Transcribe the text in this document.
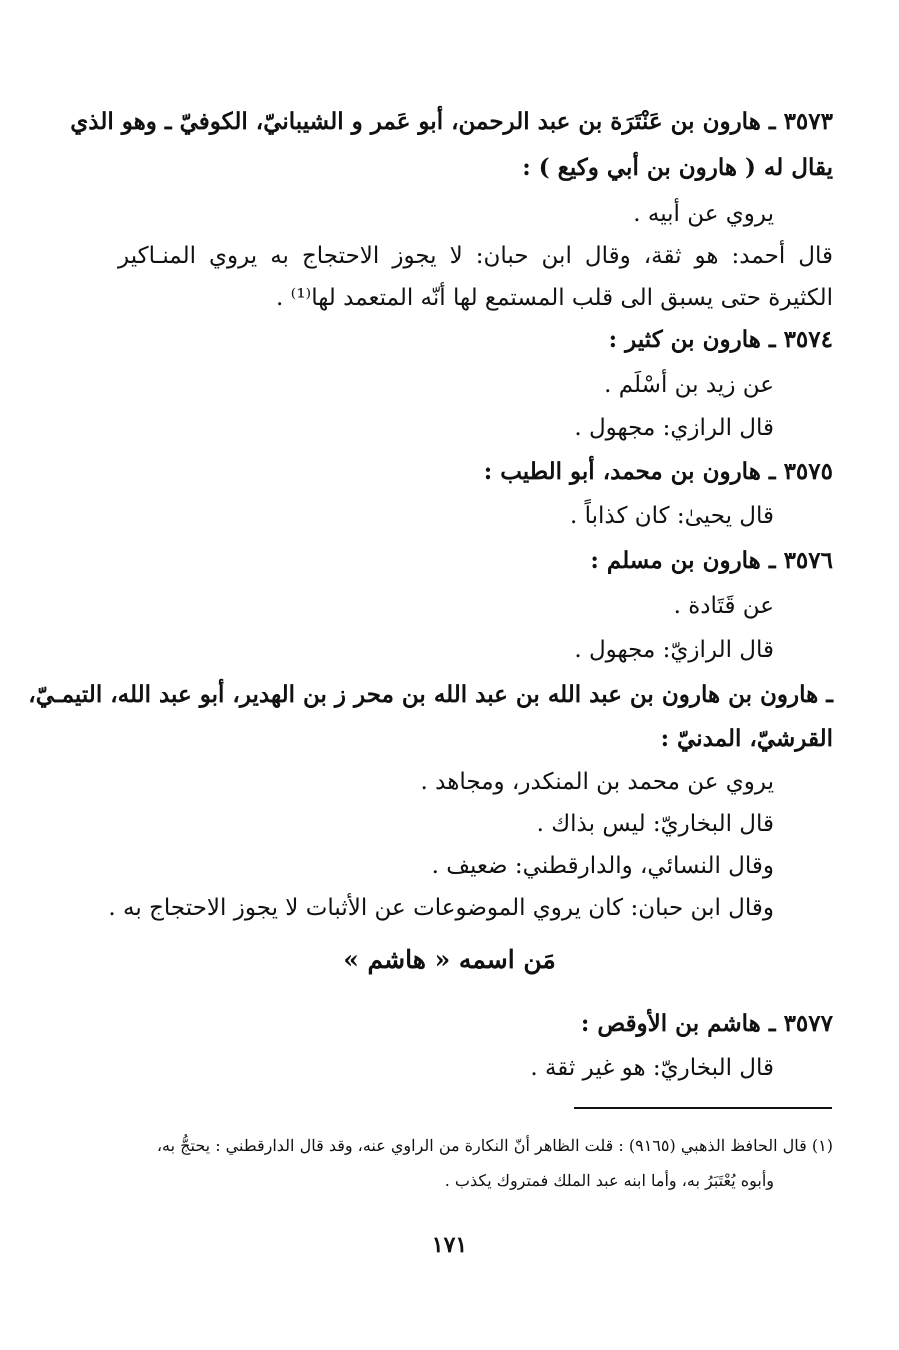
٣٥٧٣ ـ هارون بن عَنْتَرَة بن عبد الرحمن، أبو عَمر و الشيبانيّ، الكوفيّ ـ وهو الذي
يقال له ( هارون بن أبي وكيع ) :
يروي عن أبيه .
قال أحمد: هو ثقة، وقال ابن حبان: لا يجوز الاحتجاج به يروي المنـاكير
الكثيرة حتى يسبق الى قلب المستمع لها أنّه المتعمد لها⁽¹⁾ .
٣٥٧٤ ـ هارون بن كثير :
عن زيد بن أسْلَم .
قال الرازي: مجهول .
٣٥٧٥ ـ هارون بن محمد، أبو الطيب :
قال يحيىٰ: كان كذاباً .
٣٥٧٦ ـ هارون بن مسلم :
عن قَتَادة .
قال الرازيّ: مجهول .
ـ هارون بن هارون بن عبد الله بن عبد الله بن محر ز بن الهدير، أبو عبد الله، التيمـيّ،
القرشيّ، المدنيّ :
يروي عن محمد بن المنكدر، ومجاهد .
قال البخاريّ: ليس بذاك .
وقال النسائي، والدارقطني: ضعيف .
وقال ابن حبان: كان يروي الموضوعات عن الأثبات لا يجوز الاحتجاج به .
مَن اسمه « هاشم »
٣٥٧٧ ـ هاشم بن الأوقص :
قال البخاريّ: هو غير ثقة .
(١) قال الحافظ الذهبي (٩١٦٥) : قلت الظاهر أنّ النكارة من الراوي عنه، وقد قال الدارقطني : يحتجُّ به،
وأبوه يُعْتَبَرُ به، وأما ابنه عبد الملك فمتروك يكذب .
١٧١
